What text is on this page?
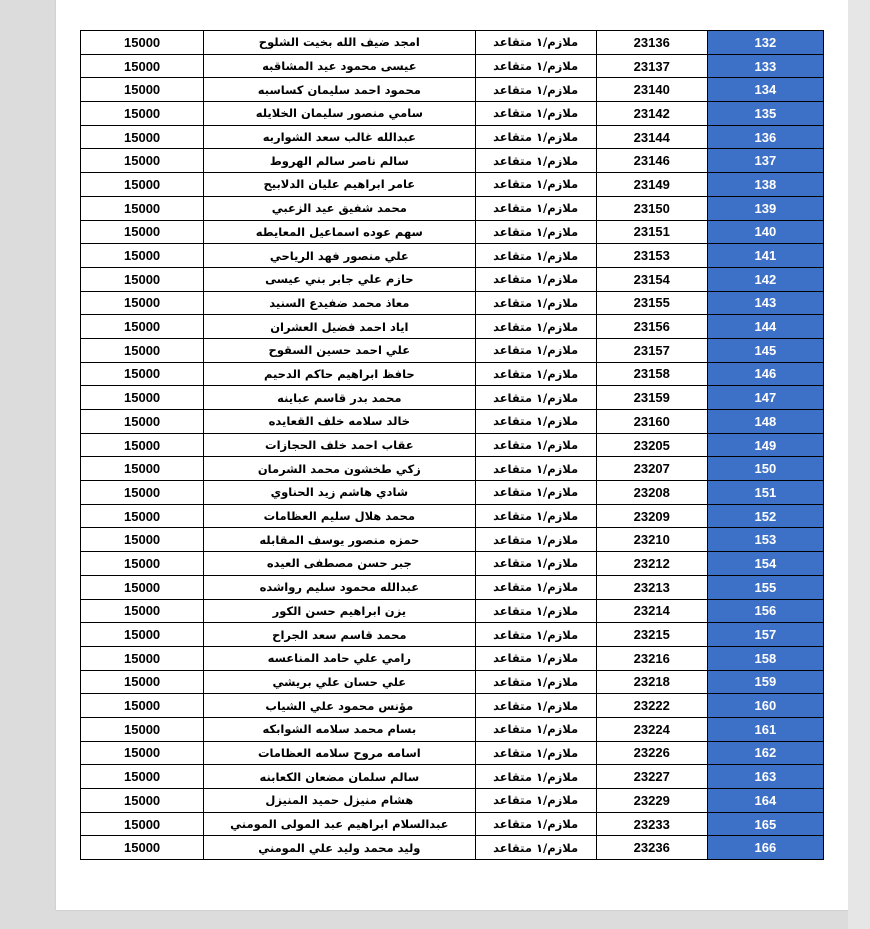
15000	امجد ضيف الله بخيت الشلوح	ملازم/١ متقاعد	23136	132
15000	عيسى محمود عيد المشاقبه	ملازم/١ متقاعد	23137	133
15000	محمود احمد سليمان كساسبه	ملازم/١ متقاعد	23140	134
15000	سامي منصور سليمان الخلايله	ملازم/١ متقاعد	23142	135
15000	عبدالله غالب سعد الشواربه	ملازم/١ متقاعد	23144	136
15000	سالم ناصر سالم الهروط	ملازم/١ متقاعد	23146	137
15000	عامر ابراهيم عليان الدلابيح	ملازم/١ متقاعد	23149	138
15000	محمد شفيق عيد الزعبي	ملازم/١ متقاعد	23150	139
15000	سهم عوده اسماعيل المعايطه	ملازم/١ متقاعد	23151	140
15000	علي منصور فهد الرياحي	ملازم/١ متقاعد	23153	141
15000	حازم علي جابر بني عيسى	ملازم/١ متقاعد	23154	142
15000	معاذ محمد ضفيدع السنيد	ملازم/١ متقاعد	23155	143
15000	اياد احمد فضيل العشران	ملازم/١ متقاعد	23156	144
15000	علي احمد حسين السقوح	ملازم/١ متقاعد	23157	145
15000	حافظ ابراهيم حاكم الدحيم	ملازم/١ متقاعد	23158	146
15000	محمد بدر قاسم عباينه	ملازم/١ متقاعد	23159	147
15000	خالد سلامه خلف القعايده	ملازم/١ متقاعد	23160	148
15000	عقاب احمد خلف الحجازات	ملازم/١ متقاعد	23205	149
15000	زكي طخشون محمد الشرمان	ملازم/١ متقاعد	23207	150
15000	شادي هاشم زيد الحناوي	ملازم/١ متقاعد	23208	151
15000	محمد هلال سليم العظامات	ملازم/١ متقاعد	23209	152
15000	حمزه منصور يوسف المقابله	ملازم/١ متقاعد	23210	153
15000	جبر حسن مصطفى العيده	ملازم/١ متقاعد	23212	154
15000	عبدالله محمود سليم رواشده	ملازم/١ متقاعد	23213	155
15000	يزن ابراهيم حسن الكور	ملازم/١ متقاعد	23214	156
15000	محمد قاسم سعد الجراح	ملازم/١ متقاعد	23215	157
15000	رامي علي حامد المناعسه	ملازم/١ متقاعد	23216	158
15000	علي حسان علي بريشي	ملازم/١ متقاعد	23218	159
15000	مؤنس محمود علي الشياب	ملازم/١ متقاعد	23222	160
15000	بسام محمد سلامه الشوابكه	ملازم/١ متقاعد	23224	161
15000	اسامه مروح سلامه العظامات	ملازم/١ متقاعد	23226	162
15000	سالم سلمان مضعان الكعابنه	ملازم/١ متقاعد	23227	163
15000	هشام منيزل حميد المنيزل	ملازم/١ متقاعد	23229	164
15000	عبدالسلام ابراهيم عبد المولى المومني	ملازم/١ متقاعد	23233	165
15000	وليد محمد وليد علي المومني	ملازم/١ متقاعد	23236	166
